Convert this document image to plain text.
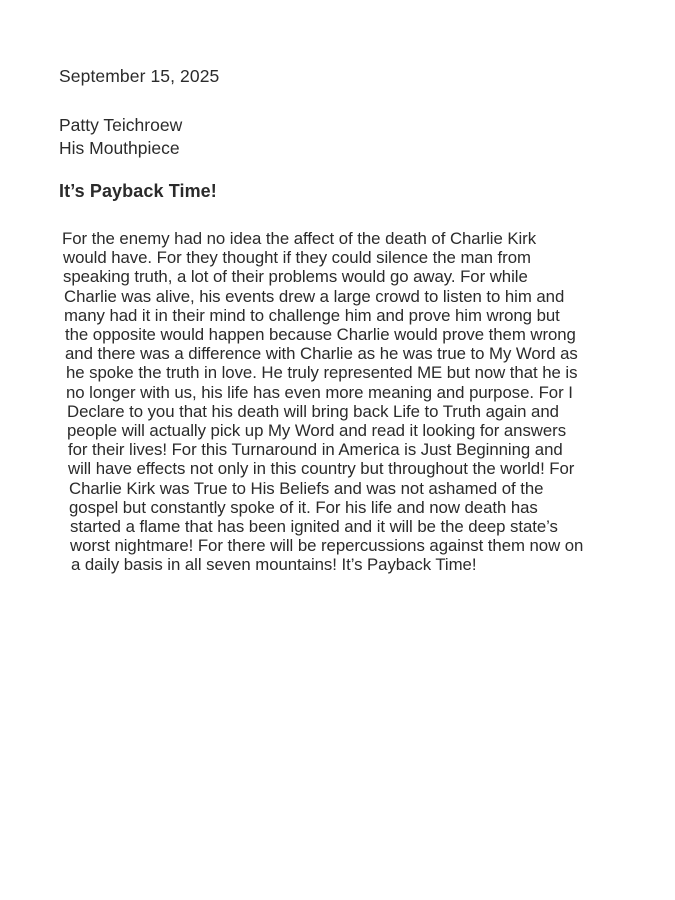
September 15, 2025
Patty Teichroew
His Mouthpiece
It’s Payback Time!
For the enemy had no idea the affect of the death of Charlie Kirk
would have. For they thought if they could silence the man from
speaking truth, a lot of their problems would go away. For while
Charlie was alive, his events drew a large crowd to listen to him and
many had it in their mind to challenge him and prove him wrong but
the opposite would happen because Charlie would prove them wrong
and there was a difference with Charlie as he was true to My Word as
he spoke the truth in love. He truly represented ME but now that he is
no longer with us, his life has even more meaning and purpose. For I
Declare to you that his death will bring back Life to Truth again and
people will actually pick up My Word and read it looking for answers
for their lives! For this Turnaround in America is Just Beginning and
will have effects not only in this country but throughout the world! For
Charlie Kirk was True to His Beliefs and was not ashamed of the
gospel but constantly spoke of it. For his life and now death has
started a flame that has been ignited and it will be the deep state’s
worst nightmare! For there will be repercussions against them now on
a daily basis in all seven mountains! It’s Payback Time!
